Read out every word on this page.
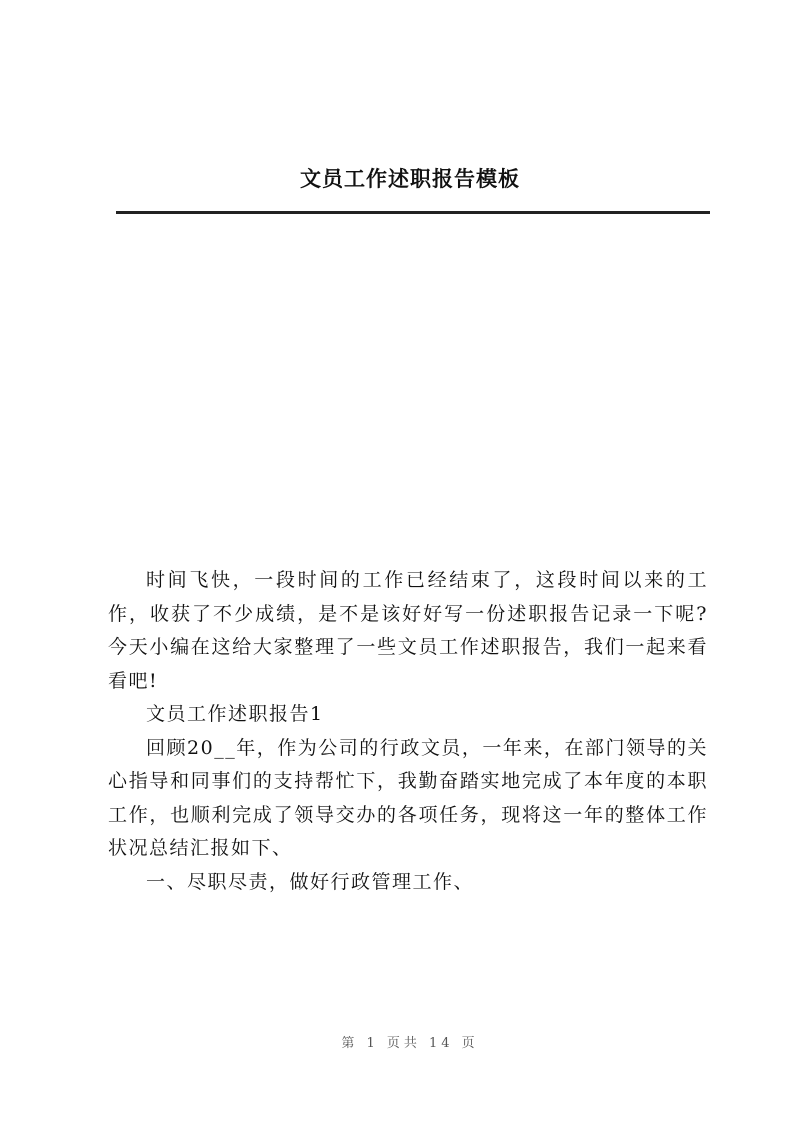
文员工作述职报告模板

时间飞快，一段时间的工作已经结束了，这段时间以来的工作，收获了不少成绩，是不是该好好写一份述职报告记录一下呢?今天小编在这给大家整理了一些文员工作述职报告，我们一起来看看吧!

文员工作述职报告1

回顾20__年，作为公司的行政文员，一年来，在部门领导的关心指导和同事们的支持帮忙下，我勤奋踏实地完成了本年度的本职工作，也顺利完成了领导交办的各项任务，现将这一年的整体工作状况总结汇报如下、

一、尽职尽责，做好行政管理工作、

第 1 页共 14 页
